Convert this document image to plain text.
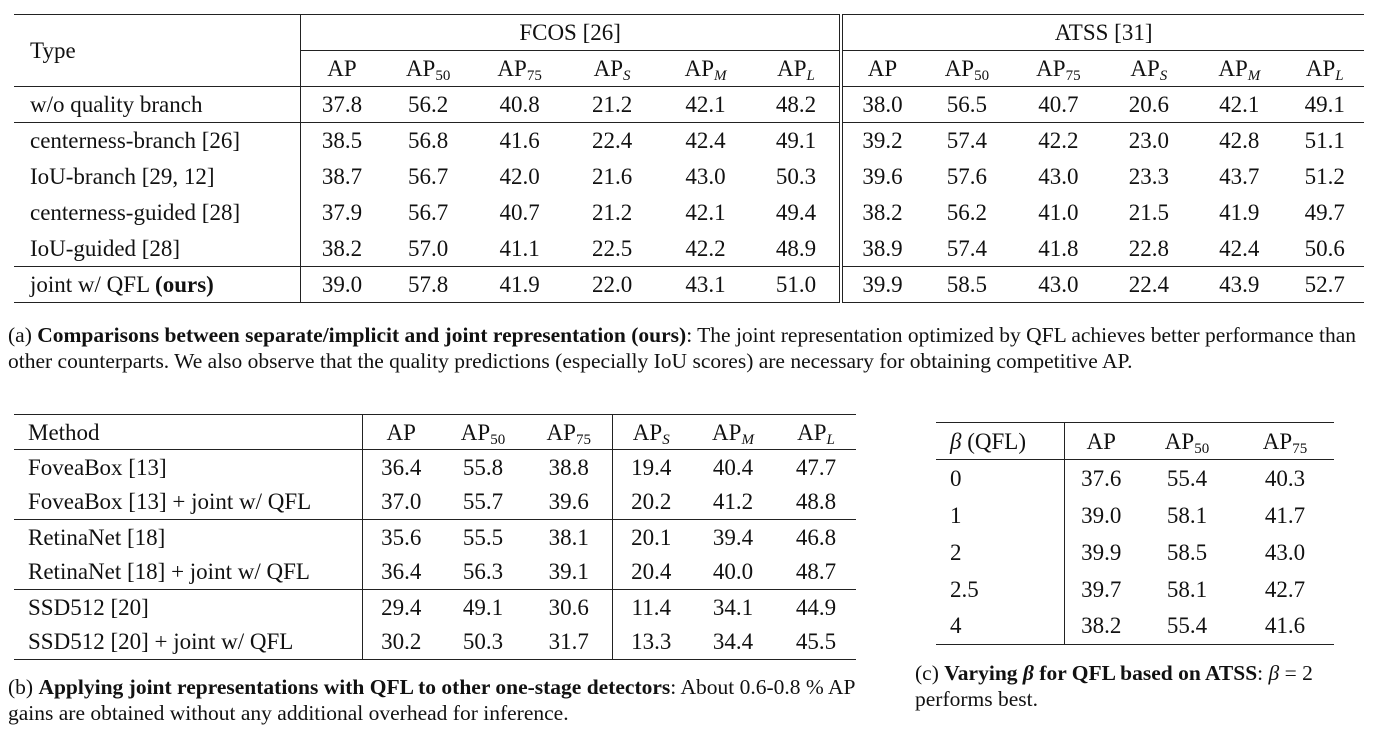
Type	FCOS [26]						ATSS [31]					
	AP	$AP_{50}$	$AP_{75}$	$AP_S$	$AP_M$	$AP_L$	AP	$AP_{50}$	$AP_{75}$	$AP_S$	$AP_M$	$AP_L$
w/o quality branch	37.8	56.2	40.8	21.2	42.1	48.2	38.0	56.5	40.7	20.6	42.1	49.1
centerness-branch [26]	38.5	56.8	41.6	22.4	42.4	49.1	39.2	57.4	42.2	23.0	42.8	51.1
IoU-branch [29, 12]	38.7	56.7	42.0	21.6	43.0	50.3	39.6	57.6	43.0	23.3	43.7	51.2
centerness-guided [28]	37.9	56.7	40.7	21.2	42.1	49.4	38.2	56.2	41.0	21.5	41.9	49.7
IoU-guided [28]	38.2	57.0	41.1	22.5	42.2	48.9	38.9	57.4	41.8	22.8	42.4	50.6
joint w/ QFL (ours)	39.0	57.8	41.9	22.0	43.1	51.0	39.9	58.5	43.0	22.4	43.9	52.7
(a) Comparisons between separate/implicit and joint representation (ours): The joint representation optimized by QFL achieves better performance than other counterparts. We also observe that the quality predictions (especially IoU scores) are necessary for obtaining competitive AP.
Method	AP	$AP_{50}$	$AP_{75}$	$AP_S$	$AP_M$	$AP_L$
FoveaBox [13]	36.4	55.8	38.8	19.4	40.4	47.7
FoveaBox [13] + joint w/ QFL	37.0	55.7	39.6	20.2	41.2	48.8
RetinaNet [18]	35.6	55.5	38.1	20.1	39.4	46.8
RetinaNet [18] + joint w/ QFL	36.4	56.3	39.1	20.4	40.0	48.7
SSD512 [20]	29.4	49.1	30.6	11.4	34.1	44.9
SSD512 [20] + joint w/ QFL	30.2	50.3	31.7	13.3	34.4	45.5
(b) Applying joint representations with QFL to other one-stage detectors: About 0.6-0.8 % AP gains are obtained without any additional overhead for inference.
β (QFL)	AP	$AP_{50}$	$AP_{75}$
0	37.6	55.4	40.3
1	39.0	58.1	41.7
2	39.9	58.5	43.0
2.5	39.7	58.1	42.7
4	38.2	55.4	41.6
(c) Varying β for QFL based on ATSS: β = 2 performs best.
